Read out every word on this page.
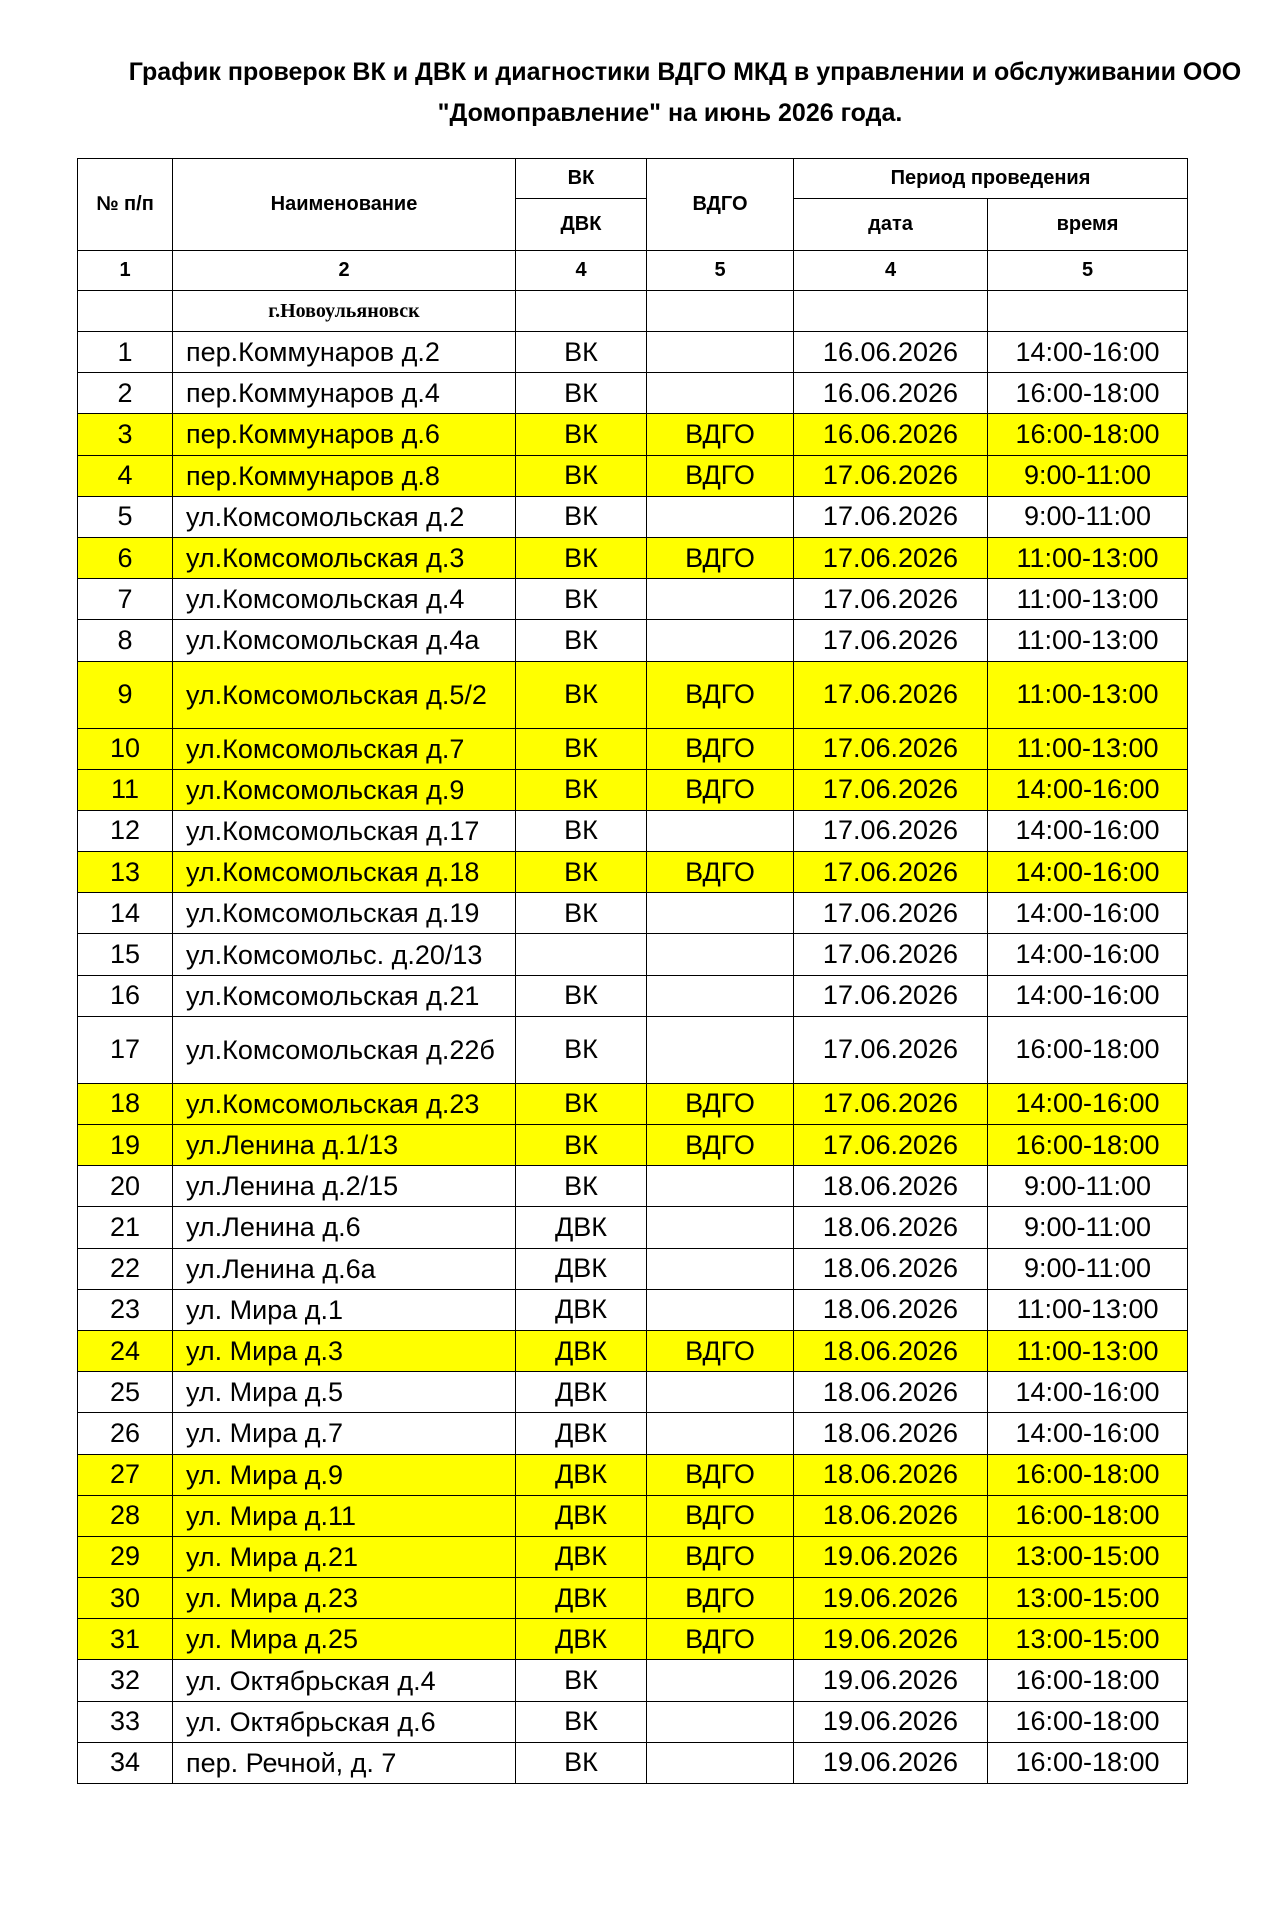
График проверок ВК и ДВК и диагностики ВДГО МКД в управлении и обслуживании ООО
"Домоправление" на июнь 2026 года.
№ п/п	Наименование	ВК	ВДГО	Период проведения	
		ДВК		дата	время
1	2	4	5	4	5
	г.Новоульяновск				
1	пер.Коммунаров д.2	ВК		16.06.2026	14:00-16:00
2	пер.Коммунаров д.4	ВК		16.06.2026	16:00-18:00
3	пер.Коммунаров д.6	ВК	ВДГО	16.06.2026	16:00-18:00
4	пер.Коммунаров д.8	ВК	ВДГО	17.06.2026	9:00-11:00
5	ул.Комсомольская д.2	ВК		17.06.2026	9:00-11:00
6	ул.Комсомольская д.3	ВК	ВДГО	17.06.2026	11:00-13:00
7	ул.Комсомольская д.4	ВК		17.06.2026	11:00-13:00
8	ул.Комсомольская д.4а	ВК		17.06.2026	11:00-13:00
9	ул.Комсомольская д.5/2	ВК	ВДГО	17.06.2026	11:00-13:00
10	ул.Комсомольская д.7	ВК	ВДГО	17.06.2026	11:00-13:00
11	ул.Комсомольская д.9	ВК	ВДГО	17.06.2026	14:00-16:00
12	ул.Комсомольская д.17	ВК		17.06.2026	14:00-16:00
13	ул.Комсомольская д.18	ВК	ВДГО	17.06.2026	14:00-16:00
14	ул.Комсомольская д.19	ВК		17.06.2026	14:00-16:00
15	ул.Комсомольс. д.20/13			17.06.2026	14:00-16:00
16	ул.Комсомольская д.21	ВК		17.06.2026	14:00-16:00
17	ул.Комсомольская д.22б	ВК		17.06.2026	16:00-18:00
18	ул.Комсомольская д.23	ВК	ВДГО	17.06.2026	14:00-16:00
19	ул.Ленина д.1/13	ВК	ВДГО	17.06.2026	16:00-18:00
20	ул.Ленина д.2/15	ВК		18.06.2026	9:00-11:00
21	ул.Ленина д.6	ДВК		18.06.2026	9:00-11:00
22	ул.Ленина д.6а	ДВК		18.06.2026	9:00-11:00
23	ул. Мира д.1	ДВК		18.06.2026	11:00-13:00
24	ул. Мира д.3	ДВК	ВДГО	18.06.2026	11:00-13:00
25	ул. Мира д.5	ДВК		18.06.2026	14:00-16:00
26	ул. Мира д.7	ДВК		18.06.2026	14:00-16:00
27	ул. Мира д.9	ДВК	ВДГО	18.06.2026	16:00-18:00
28	ул. Мира д.11	ДВК	ВДГО	18.06.2026	16:00-18:00
29	ул. Мира д.21	ДВК	ВДГО	19.06.2026	13:00-15:00
30	ул. Мира д.23	ДВК	ВДГО	19.06.2026	13:00-15:00
31	ул. Мира д.25	ДВК	ВДГО	19.06.2026	13:00-15:00
32	ул. Октябрьская д.4	ВК		19.06.2026	16:00-18:00
33	ул. Октябрьская д.6	ВК		19.06.2026	16:00-18:00
34	пер. Речной, д. 7	ВК		19.06.2026	16:00-18:00
